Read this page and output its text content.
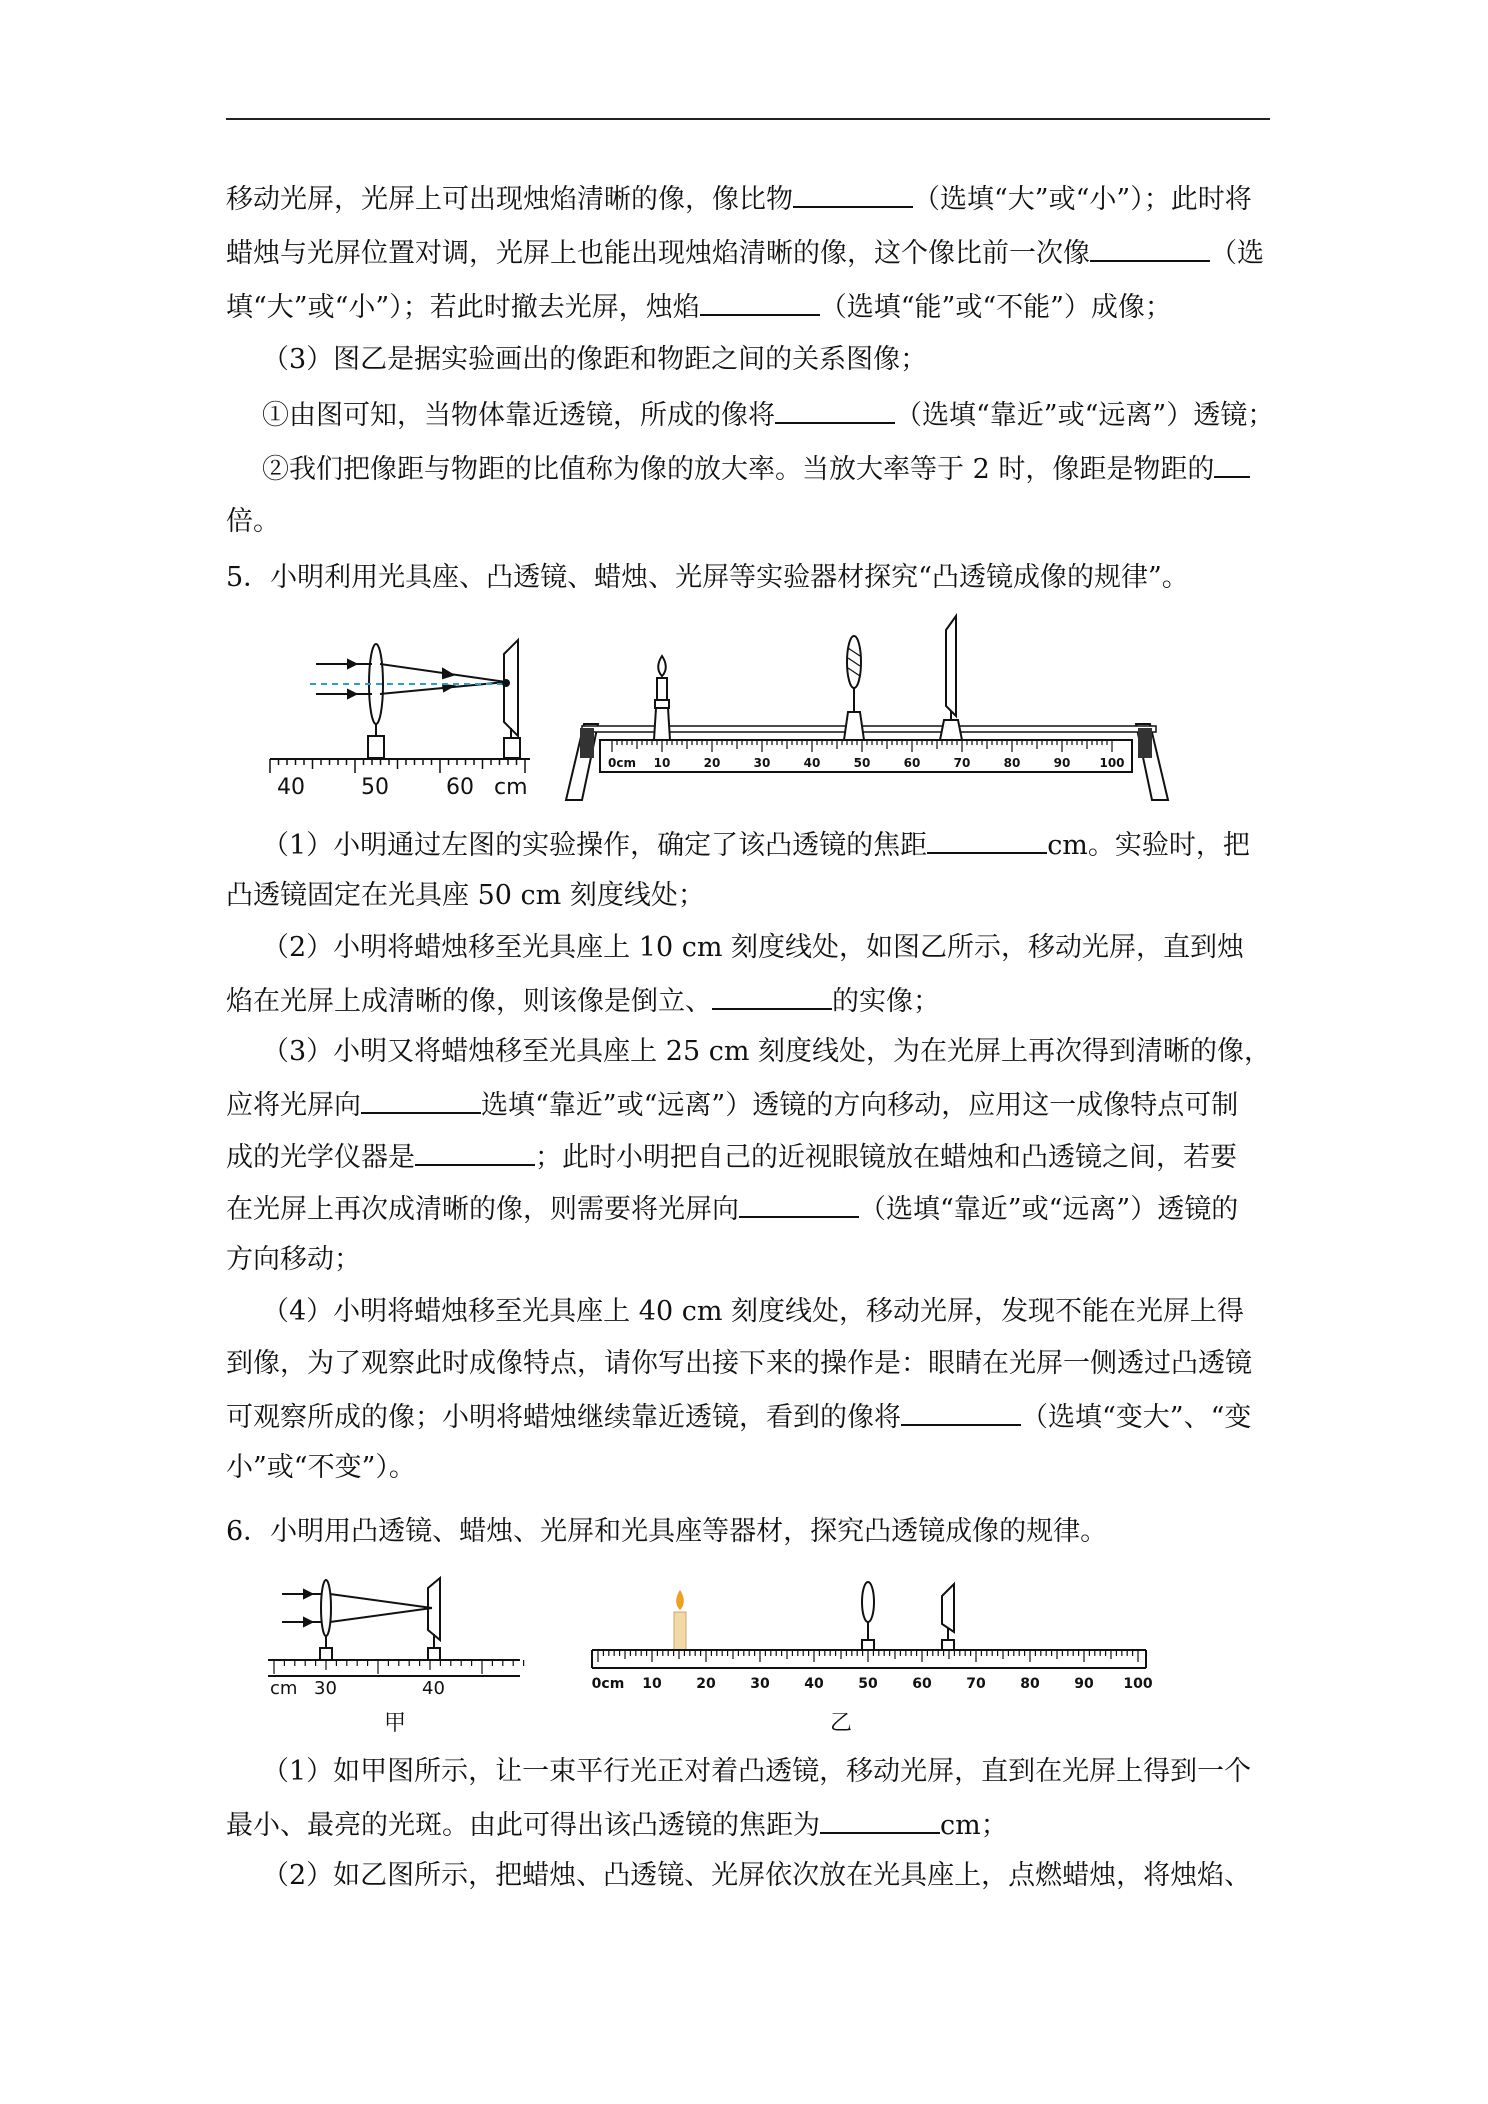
移动光屏，光屏上可出现烛焰清晰的像，像比物	（选填“大”或“小”）；此时将
蜡烛与光屏位置对调，光屏上也能出现烛焰清晰的像，这个像比前一次像	（选
填“大”或“小”）；若此时撤去光屏，烛焰	（选填“能”或“不能”）成像；
（3）图乙是据实验画出的像距和物距之间的关系图像；
①由图可知，当物体靠近透镜，所成的像将	（选填“靠近”或“远离”）透镜；
②我们把像距与物距的比值称为像的放大率。当放大率等于 2 时，像距是物距的
倍。
5．小明利用光具座、凸透镜、蜡烛、光屏等实验器材探究“凸透镜成像的规律”。
40	50	60 cm
0cm 10	20	30	40	50	60	70	80	90 100
（1）小明通过左图的实验操作，确定了该凸透镜的焦距	cm。实验时，把
凸透镜固定在光具座 50 cm 刻度线处；
（2）小明将蜡烛移至光具座上 10 cm 刻度线处，如图乙所示，移动光屏，直到烛
焰在光屏上成清晰的像，则该像是倒立、	的实像；
（3）小明又将蜡烛移至光具座上 25 cm 刻度线处，为在光屏上再次得到清晰的像，
应将光屏向	选填“靠近”或“远离”）透镜的方向移动，应用这一成像特点可制
成的光学仪器是	；此时小明把自己的近视眼镜放在蜡烛和凸透镜之间，若要
在光屏上再次成清晰的像，则需要将光屏向	（选填“靠近”或“远离”）透镜的
方向移动；
（4）小明将蜡烛移至光具座上 40 cm 刻度线处，移动光屏，发现不能在光屏上得
到像，为了观察此时成像特点，请你写出接下来的操作是：眼睛在光屏一侧透过凸透镜
可观察所成的像；小明将蜡烛继续靠近透镜，看到的像将	（选填“变大”、“变
小”或“不变”）。
6．小明用凸透镜、蜡烛、光屏和光具座等器材，探究凸透镜成像的规律。
cm 30	40
甲
0cm 10 20 30 40 50 60 70 80 90 100
乙
（1）如甲图所示，让一束平行光正对着凸透镜，移动光屏，直到在光屏上得到一个
最小、最亮的光斑。由此可得出该凸透镜的焦距为	cm；
（2）如乙图所示，把蜡烛、凸透镜、光屏依次放在光具座上，点燃蜡烛，将烛焰、
